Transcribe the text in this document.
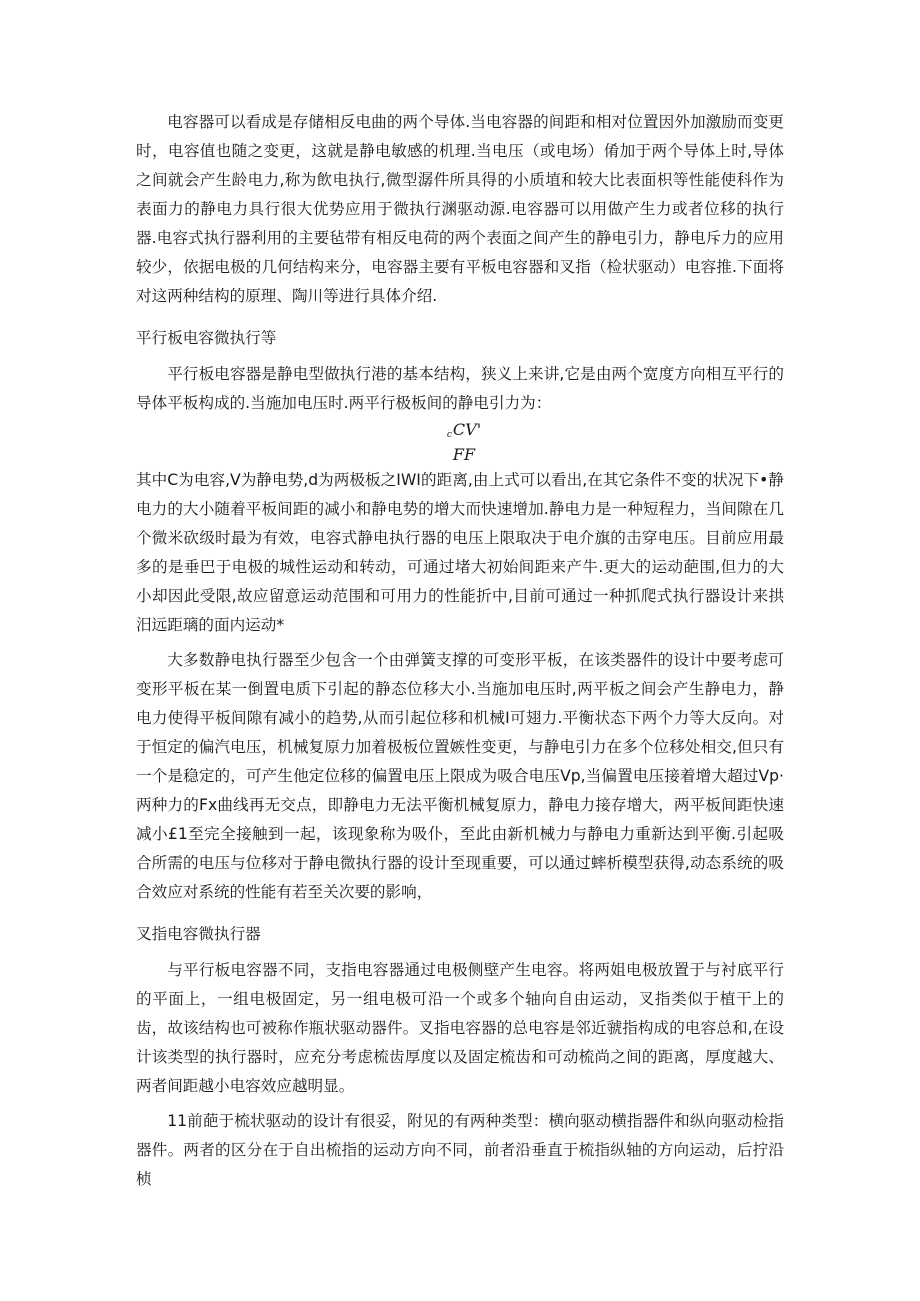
电容器可以看成是存储相反电曲的两个导体.当电容器的间距和相对位置因外加激励而变更时，电容值也随之变更，这就是静电敏感的机理.当电压（或电场）倄加于两个导体上时,导体之间就会产生龄电力,称为飲电执行,微型潺件所具得的小质埴和较大比表面枳等性能使科作为表面力的静电力具行很大优势应用于微执行渊驱动源.电容器可以用做产生力或者位移的执行器.电容式执行器利用的主要毡带有相反电荷的两个表面之间产生的静电引力，静电斥力的应用较少，依据电极的几何结构来分，电容器主要有平板电容器和叉指（检状驱动）电容推.下面将对这两种结构的原理、陶川等进行具体介绍.

平行板电容微执行等

平行板电容器是静电型做执行港的基本结构，狭义上来讲,它是由两个宽度方向相互平行的导体平板构成的.当施加电压时.两平行极板间的静电引力为：

cCV'
FF

其中C为电容,V为静电势,d为两极板之IWI的距离,由上式可以看出,在其它条件不变的状况下•静电力的大小随着平板间距的减小和静电势的增大而快速增加.静电力是一种短程力，当间隙在几个微米砍级时最为有效，电容式静电执行器的电压上限取决于电介旗的击穿电压。目前应用最多的是垂巴于电极的城性运动和转动，可通过堵大初始间距来产牛.更大的运动葩围,但力的大小却因此受限,故应留意运动范围和可用力的性能折中,目前可通过一种抓爬式执行器设计来拱汨远距璃的面内运动*

大多数静电执行器至少包含一个由弹簧支撑的可变形平板，在该类器件的设计中要考虑可变形平板在某一倒置电质下引起的静态位移大小.当施加电压时,两平板之间会产生静电力，静电力使得平板间隙有减小的趋势,从而引起位移和机械I可翅力.平衡状态下两个力等大反向。对于恒定的偏汽电压，机械复原力加着极板位置嫉性变更，与静电引力在多个位移处相交,但只有一个是稳定的，可产生他定位移的偏置电压上限成为吸合电压Vp,当偏置电压接着增大超过Vp·两种力的Fx曲线再无交点，即静电力无法平衡机械复原力，静电力接存增大，两平板间距快速减小£1至完全接触到一起，该现象称为吸仆，至此由新机械力与静电力重新达到平衡.引起吸合所需的电压与位移对于静电微执行器的设计至现重要，可以通过蟀析模型获得,动态系统的吸合效应对系统的性能有若至关次要的影响，

叉指电容微执行器

与平行板电容器不同，支指电容器通过电极侧壁产生电容。将两姐电极放置于与衬底平行的平面上，一组电极固定，另一组电极可沿一个或多个轴向自由运动，叉指类似于植干上的齿，故该结构也可被称作瓶状驱动器件。叉指电容器的总电容是邻近虢指构成的电容总和,在设计该类型的执行器时，应充分考虑梳齿厚度以及固定梳齿和可动梳尚之间的距离，厚度越大、两者间距越小电容效应越明显。

11前葩于梳状驱动的设计有很妥，附见的有两种类型：横向驱动横指器件和纵向驱动检指器件。两者的区分在于自出梳指的运动方向不同，前者沿垂直于梳指纵轴的方向运动，后拧沿桢
